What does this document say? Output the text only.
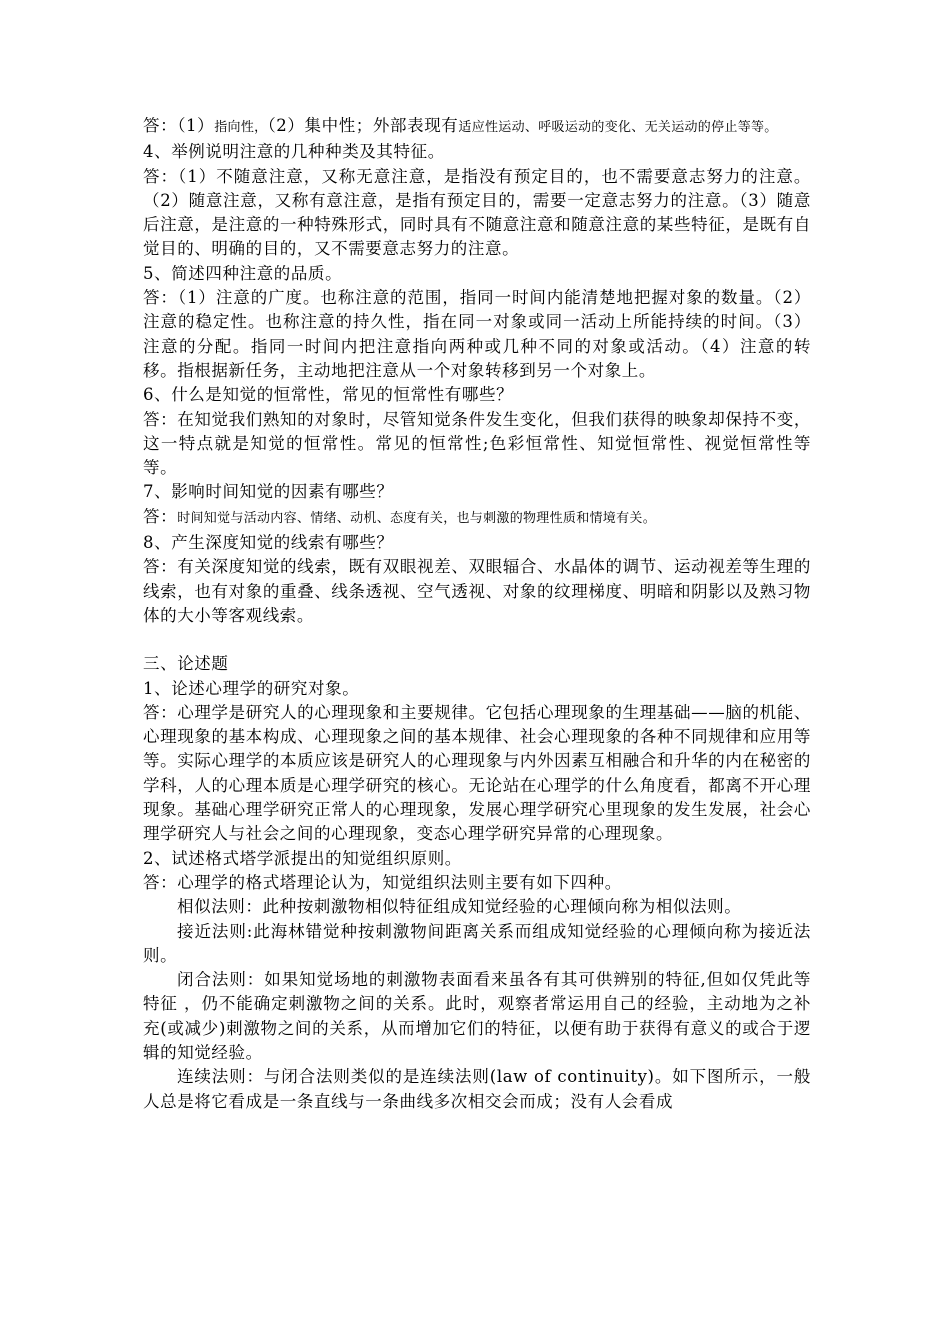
答：（1）指向性，（2）集中性；外部表现有适应性运动、呼吸运动的变化、无关运动的停止等等。

4、举例说明注意的几种种类及其特征。

答：（1）不随意注意，又称无意注意，是指没有预定目的，也不需要意志努力的注意。（2）随意注意，又称有意注意，是指有预定目的，需要一定意志努力的注意。（3）随意后注意，是注意的一种特殊形式，同时具有不随意注意和随意注意的某些特征，是既有自觉目的、明确的目的，又不需要意志努力的注意。

5、简述四种注意的品质。

答：（1）注意的广度。也称注意的范围，指同一时间内能清楚地把握对象的数量。（2）注意的稳定性。也称注意的持久性，指在同一对象或同一活动上所能持续的时间。（3）注意的分配。指同一时间内把注意指向两种或几种不同的对象或活动。（4）注意的转移。指根据新任务，主动地把注意从一个对象转移到另一个对象上。

6、什么是知觉的恒常性，常见的恒常性有哪些？

答：在知觉我们熟知的对象时，尽管知觉条件发生变化，但我们获得的映象却保持不变，这一特点就是知觉的恒常性。常见的恒常性;色彩恒常性、知觉恒常性、视觉恒常性等等。

7、影响时间知觉的因素有哪些？

答：时间知觉与活动内容、情绪、动机、态度有关，也与刺激的物理性质和情境有关。

8、产生深度知觉的线索有哪些？

答：有关深度知觉的线索，既有双眼视差、双眼辐合、水晶体的调节、运动视差等生理的线索，也有对象的重叠、线条透视、空气透视、对象的纹理梯度、明暗和阴影以及熟习物体的大小等客观线索。

三、论述题

1、论述心理学的研究对象。

答：心理学是研究人的心理现象和主要规律。它包括心理现象的生理基础——脑的机能、心理现象的基本构成、心理现象之间的基本规律、社会心理现象的各种不同规律和应用等等。实际心理学的本质应该是研究人的心理现象与内外因素互相融合和升华的内在秘密的学科，人的心理本质是心理学研究的核心。无论站在心理学的什么角度看，都离不开心理现象。基础心理学研究正常人的心理现象，发展心理学研究心里现象的发生发展，社会心理学研究人与社会之间的心理现象，变态心理学研究异常的心理现象。

2、试述格式塔学派提出的知觉组织原则。

答：心理学的格式塔理论认为，知觉组织法则主要有如下四种。

相似法则：此种按刺激物相似特征组成知觉经验的心理倾向称为相似法则。

接近法则:此海林错觉种按刺激物间距离关系而组成知觉经验的心理倾向称为接近法则。

闭合法则：如果知觉场地的刺激物表面看来虽各有其可供辨别的特征,但如仅凭此等特征 ，仍不能确定刺激物之间的关系。此时，观察者常运用自己的经验，主动地为之补充(或减少)刺激物之间的关系，从而增加它们的特征，以便有助于获得有意义的或合于逻辑的知觉经验。

连续法则：与闭合法则类似的是连续法则(law of continuity)。如下图所示，一般人总是将它看成是一条直线与一条曲线多次相交会而成；没有人会看成
